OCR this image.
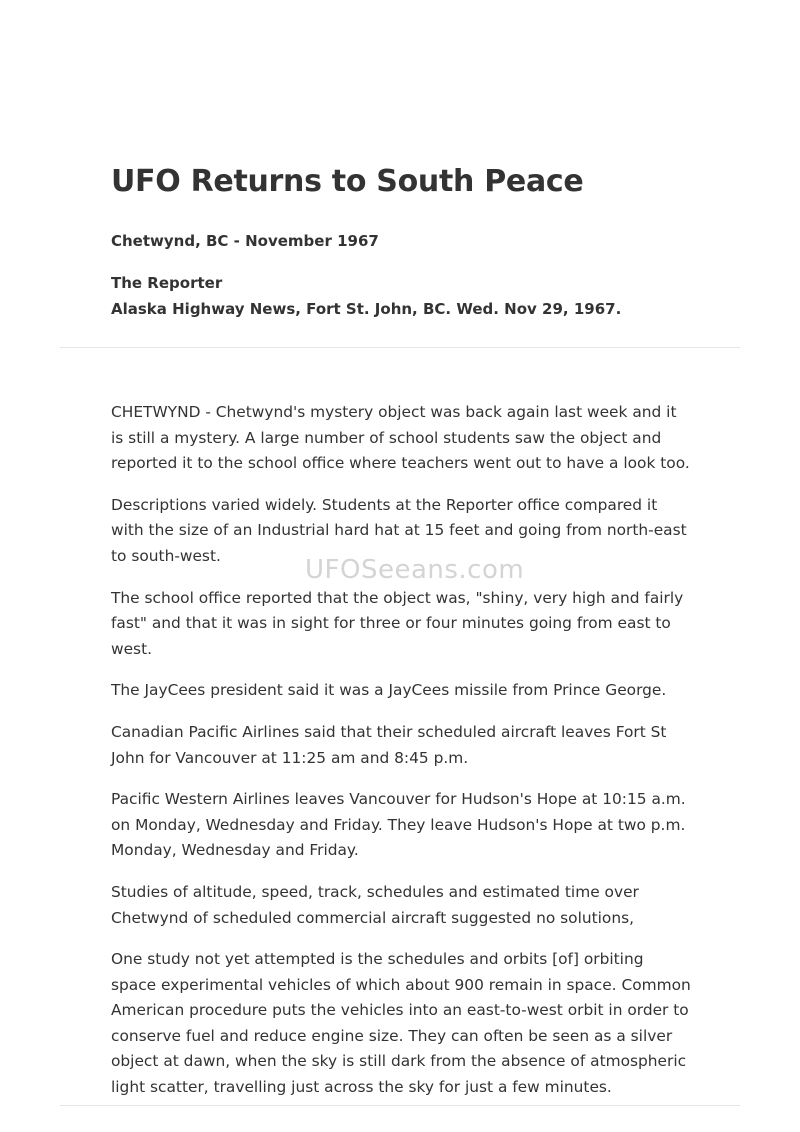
UFO Returns to South Peace

Chetwynd, BC - November 1967

The Reporter
Alaska Highway News, Fort St. John, BC. Wed. Nov 29, 1967.

CHETWYND - Chetwynd's mystery object was back again last week and it is still a mystery. A large number of school students saw the object and reported it to the school office where teachers went out to have a look too.

Descriptions varied widely. Students at the Reporter office compared it with the size of an Industrial hard hat at 15 feet and going from north-east to south-west.

The school office reported that the object was, "shiny, very high and fairly fast" and that it was in sight for three or four minutes going from east to west.

The JayCees president said it was a JayCees missile from Prince George.

Canadian Pacific Airlines said that their scheduled aircraft leaves Fort St John for Vancouver at 11:25 am and 8:45 p.m.

Pacific Western Airlines leaves Vancouver for Hudson's Hope at 10:15 a.m. on Monday, Wednesday and Friday. They leave Hudson's Hope at two p.m. Monday, Wednesday and Friday.

Studies of altitude, speed, track, schedules and estimated time over Chetwynd of scheduled commercial aircraft suggested no solutions,

One study not yet attempted is the schedules and orbits [of] orbiting space experimental vehicles of which about 900 remain in space. Common American procedure puts the vehicles into an east-to-west orbit in order to conserve fuel and reduce engine size. They can often be seen as a silver object at dawn, when the sky is still dark from the absence of atmospheric light scatter, travelling just across the sky for just a few minutes.

UFOSeeans.com
